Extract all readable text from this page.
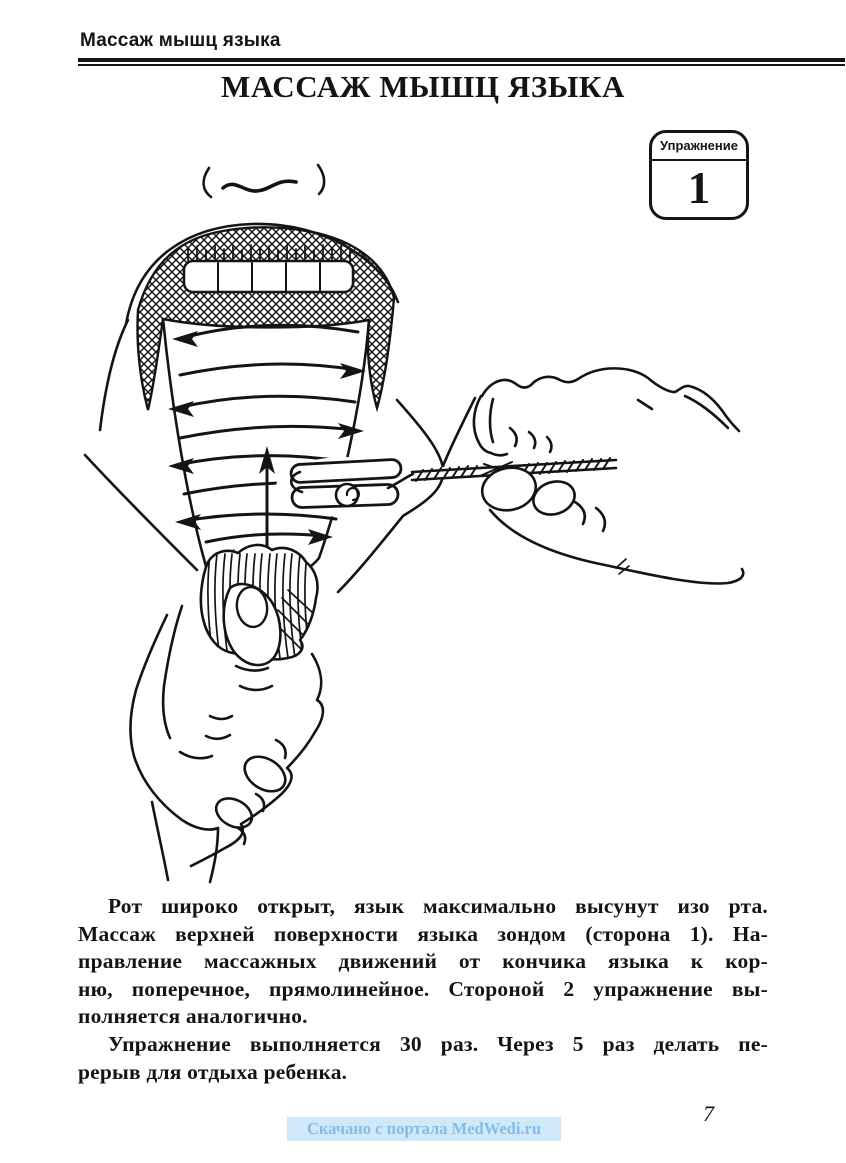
Массаж мышц языка
МАССАЖ МЫШЦ ЯЗЫКА
Упражнение
1
Рот широко открыт, язык максимально высунут изо рта.
Массаж верхней поверхности языка зондом (сторона 1). На-
правление массажных движений от кончика языка к кор-
ню, поперечное, прямолинейное. Стороной 2 упражнение вы-
полняется аналогично.
Упражнение выполняется 30 раз. Через 5 раз делать пе-
рерыв для отдыха ребенка.
Скачано с портала MedWedi.ru
7
